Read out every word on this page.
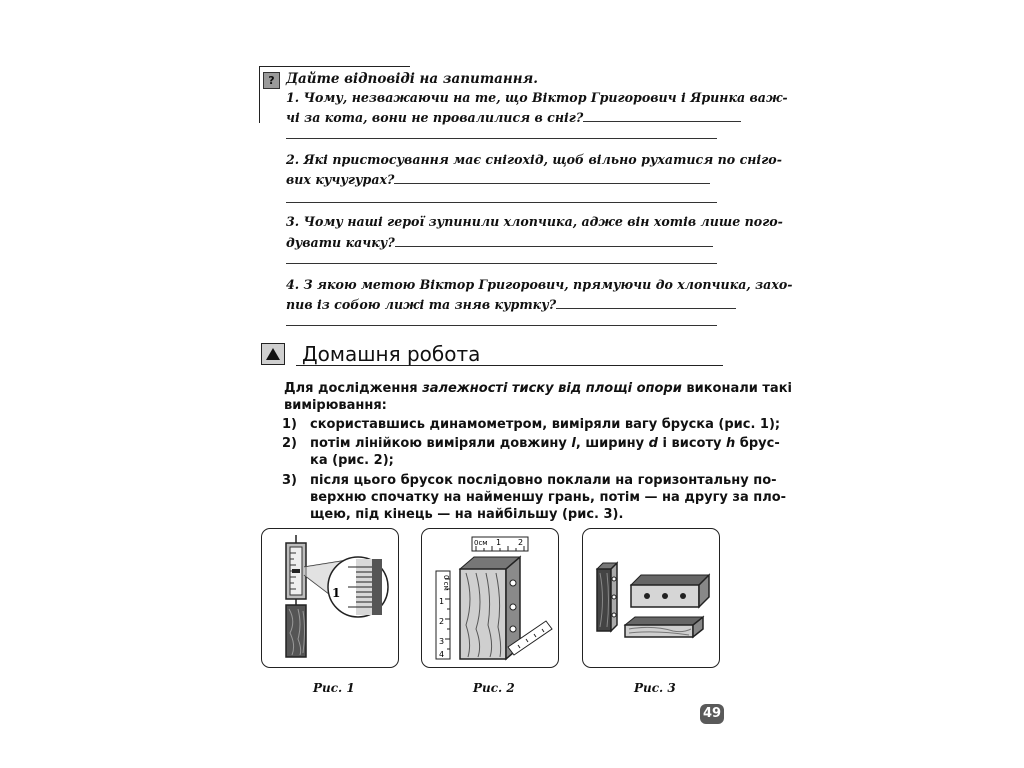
? Дайте відповіді на запитання.
1. Чому, незважаючи на те, що Віктор Григорович і Яринка важ-
чі за кота, вони не провалилися в сніг?
2. Які пристосування має снігохід, щоб вільно рухатися по сніго-
вих кучугурах?
3. Чому наші герої зупинили хлопчика, адже він хотів лише пого-
дувати качку?
4. З якою метою Віктор Григорович, прямуючи до хлопчика, захо-
пив із собою лижі та зняв куртку?
Домашня робота
Для дослідження залежності тиску від площі опори виконали такі
вимірювання:
1) скориставшись динамометром, виміряли вагу бруска (рис. 1);
2) потім лінійкою виміряли довжину l, ширину d і висоту h брус-
ка (рис. 2);
3) після цього брусок послідовно поклали на горизонтальну по-
верхню спочатку на найменшу грань, потім — на другу за пло-
щею, під кінець — на найбільшу (рис. 3).
1
0см 1 2
0 см
1
2
3
4
Рис. 1	Рис. 2	Рис. 3
49
